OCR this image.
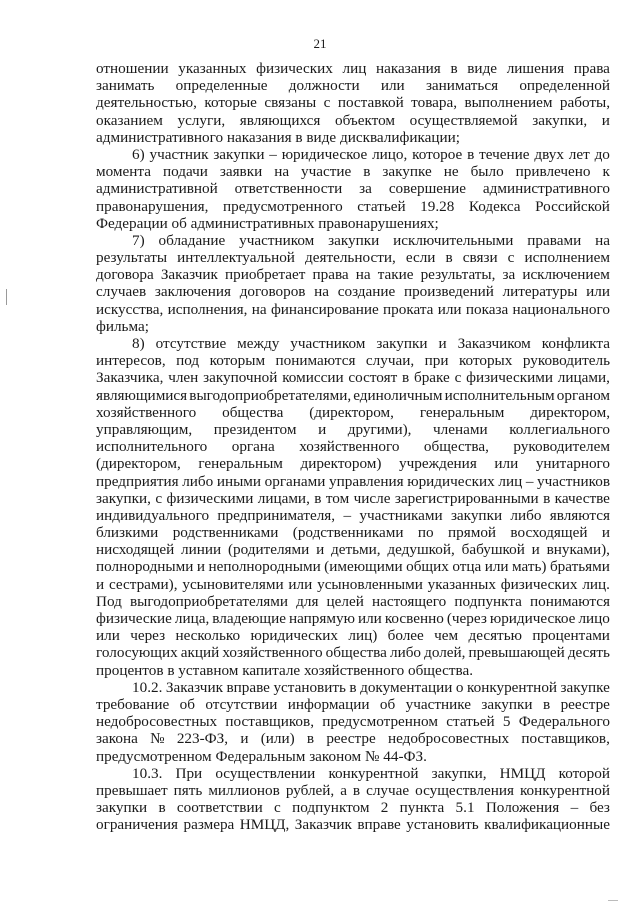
21
отношении указанных физических лиц наказания в виде лишения права
занимать определенные должности или заниматься определенной
деятельностью, которые связаны с поставкой товара, выполнением работы,
оказанием услуги, являющихся объектом осуществляемой закупки, и
административного наказания в виде дисквалификации;
6) участник закупки – юридическое лицо, которое в течение двух лет до
момента подачи заявки на участие в закупке не было привлечено к
административной ответственности за совершение административного
правонарушения, предусмотренного статьей 19.28 Кодекса Российской
Федерации об административных правонарушениях;
7) обладание участником закупки исключительными правами на
результаты интеллектуальной деятельности, если в связи с исполнением
договора Заказчик приобретает права на такие результаты, за исключением
случаев заключения договоров на создание произведений литературы или
искусства, исполнения, на финансирование проката или показа национального
фильма;
8) отсутствие между участником закупки и Заказчиком конфликта
интересов, под которым понимаются случаи, при которых руководитель
Заказчика, член закупочной комиссии состоят в браке с физическими лицами,
являющимися выгодоприобретателями, единоличным исполнительным органом
хозяйственного общества (директором, генеральным директором,
управляющим, президентом и другими), членами коллегиального
исполнительного органа хозяйственного общества, руководителем
(директором, генеральным директором) учреждения или унитарного
предприятия либо иными органами управления юридических лиц – участников
закупки, с физическими лицами, в том числе зарегистрированными в качестве
индивидуального предпринимателя, – участниками закупки либо являются
близкими родственниками (родственниками по прямой восходящей и
нисходящей линии (родителями и детьми, дедушкой, бабушкой и внуками),
полнородными и неполнородными (имеющими общих отца или мать) братьями
и сестрами), усыновителями или усыновленными указанных физических лиц.
Под выгодоприобретателями для целей настоящего подпункта понимаются
физические лица, владеющие напрямую или косвенно (через юридическое лицо
или через несколько юридических лиц) более чем десятью процентами
голосующих акций хозяйственного общества либо долей, превышающей десять
процентов в уставном капитале хозяйственного общества.
10.2. Заказчик вправе установить в документации о конкурентной закупке
требование об отсутствии информации об участнике закупки в реестре
недобросовестных поставщиков, предусмотренном статьей 5 Федерального
закона № 223-ФЗ, и (или) в реестре недобросовестных поставщиков,
предусмотренном Федеральным законом № 44-ФЗ.
10.3. При осуществлении конкурентной закупки, НМЦД которой
превышает пять миллионов рублей, а в случае осуществления конкурентной
закупки в соответствии с подпунктом 2 пункта 5.1 Положения – без
ограничения размера НМЦД, Заказчик вправе установить квалификационные
